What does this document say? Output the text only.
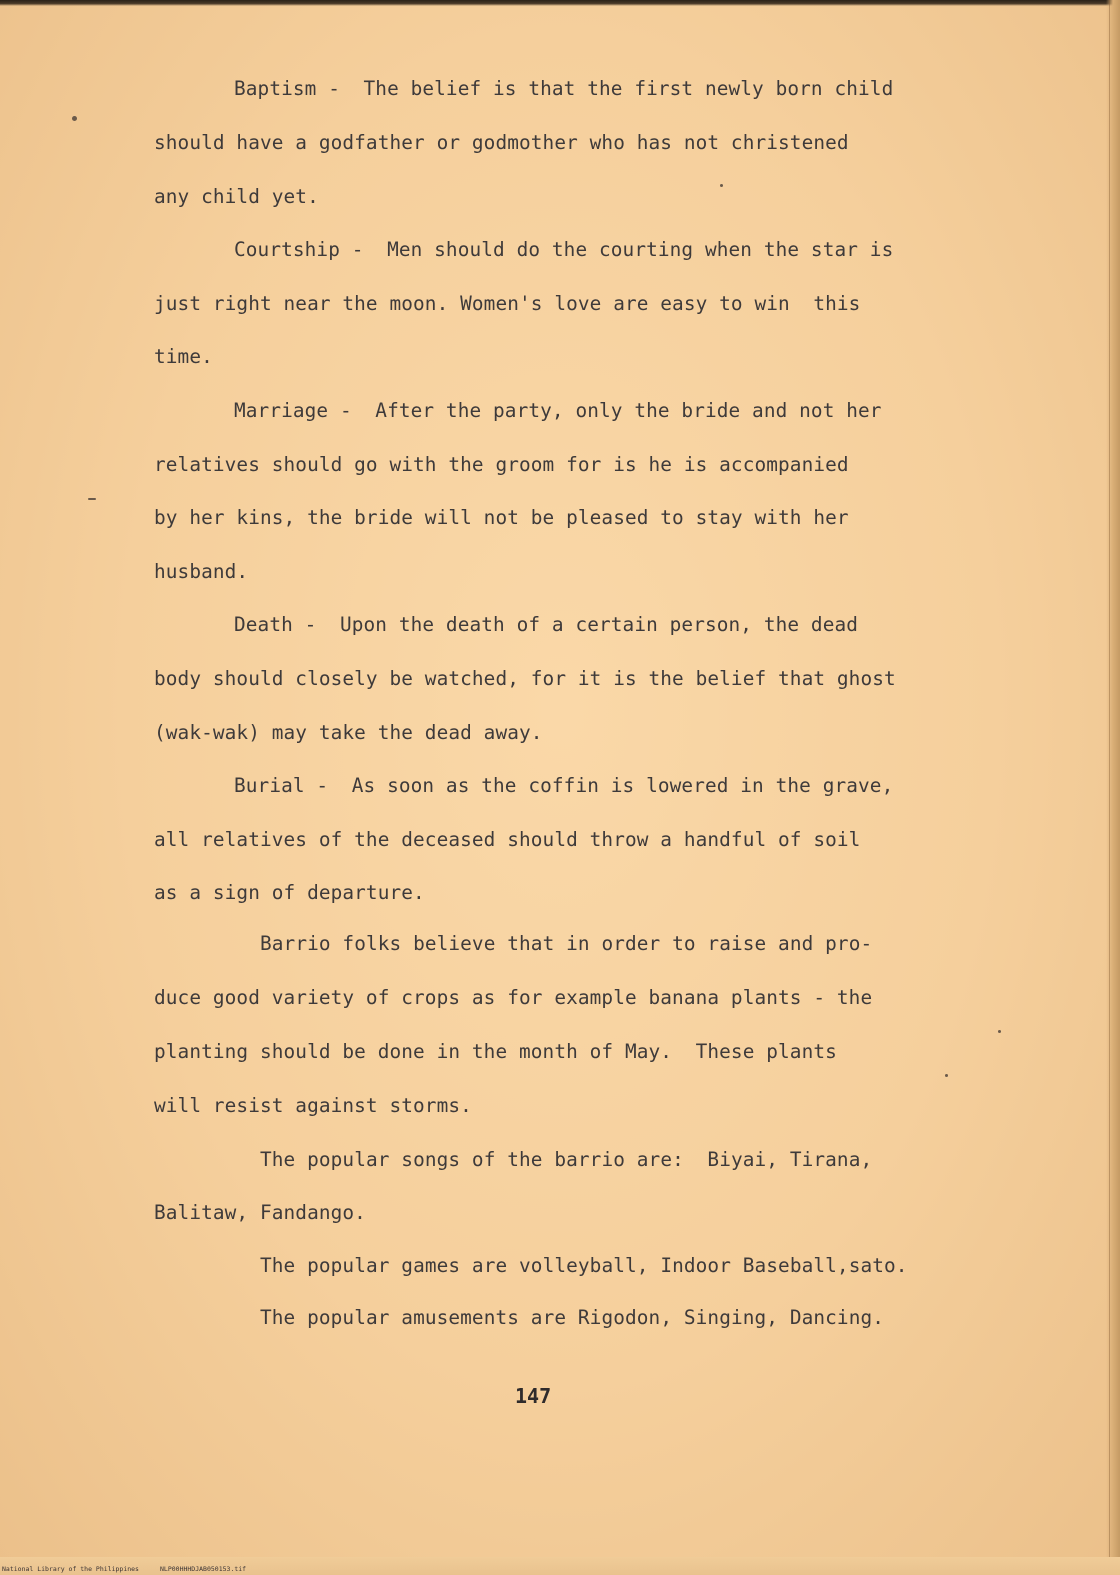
Baptism -  The belief is that the first newly born child
should have a godfather or godmother who has not christened
any child yet.
Courtship -  Men should do the courting when the star is
just right near the moon. Women's love are easy to win  this
time.
Marriage -  After the party, only the bride and not her
relatives should go with the groom for is he is accompanied
by her kins, the bride will not be pleased to stay with her
husband.
Death -  Upon the death of a certain person, the dead
body should closely be watched, for it is the belief that ghost
(wak-wak) may take the dead away.
Burial -  As soon as the coffin is lowered in the grave,
all relatives of the deceased should throw a handful of soil
as a sign of departure.
Barrio folks believe that in order to raise and pro-
duce good variety of crops as for example banana plants - the
planting should be done in the month of May.  These plants
will resist against storms.
The popular songs of the barrio are:  Biyai, Tirana,
Balitaw, Fandango.
The popular games are volleyball, Indoor Baseball,sato.
The popular amusements are Rigodon, Singing, Dancing.
147
National Library of the Philippines	NLP00HHHDJAB050153.tif
